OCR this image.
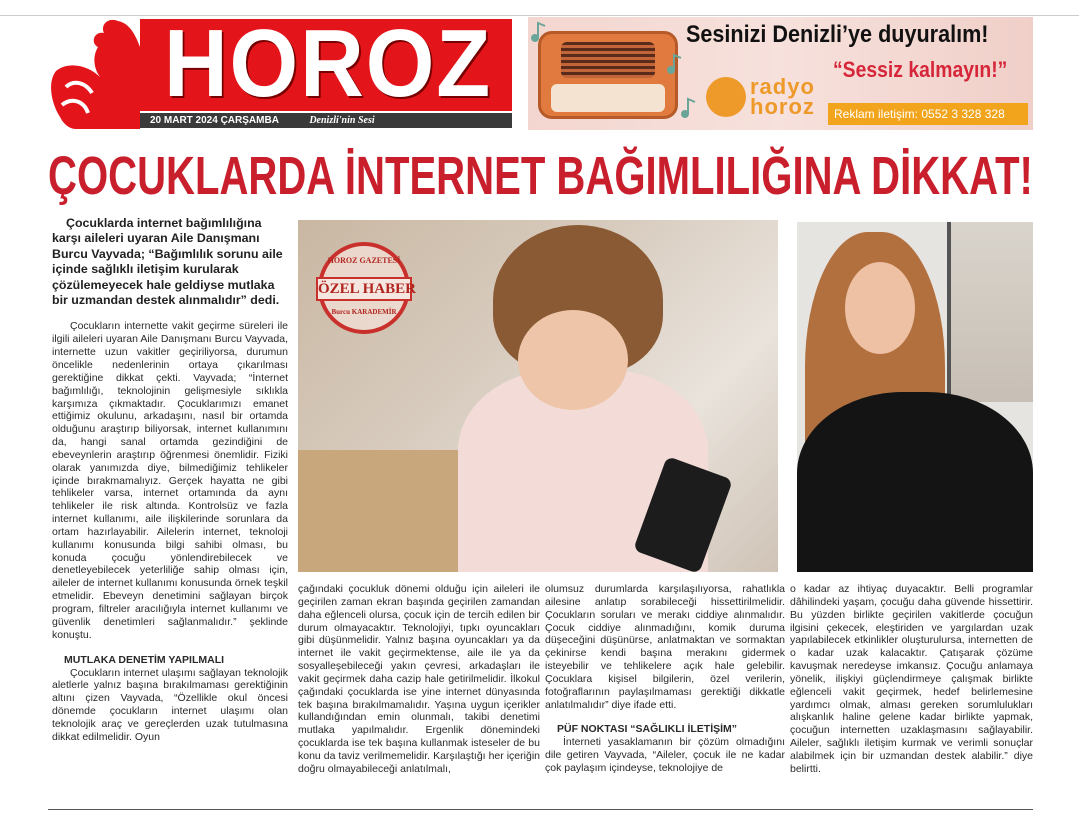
HOROZ
20 MART 2024 ÇARŞAMBA	Denizli'nin Sesi
Sesinizi Denizli’ye duyuralım!
“Sessiz kalmayın!”
radyo
horoz	Reklam iletişim: 0552 3 328 328
ÇOCUKLARDA İNTERNET BAĞIMLILIĞINA DİKKAT!

Çocuklarda internet bağımlılığına karşı aileleri uyaran Aile Danışmanı Burcu Vayvada; “Bağımlılık sorunu aile içinde sağlıklı iletişim kurularak çözülemeyecek hale geldiyse mutlaka bir uzmandan destek alınmalıdır” dedi.

Çocukların internette vakit geçirme süreleri ile ilgili aileleri uyaran Aile Danışmanı Burcu Vayvada, internette uzun vakitler geçiriliyorsa, durumun öncelikle nedenlerinin ortaya çıkarılması gerektiğine dikkat çekti. Vayvada; “İnternet bağımlılığı, teknolojinin gelişmesiyle sıklıkla karşımıza çıkmaktadır. Çocuklarımızı emanet ettiğimiz okulunu, arkadaşını, nasıl bir ortamda olduğunu araştırıp biliyorsak, internet kullanımını da, hangi sanal ortamda gezindiğini de ebeveynlerin araştırıp öğrenmesi önemlidir. Fiziki olarak yanımızda diye, bilmediğimiz tehlikeler içinde bırakmamalıyız. Gerçek hayatta ne gibi tehlikeler varsa, internet ortamında da aynı tehlikeler ile risk altında. Kontrolsüz ve fazla internet kullanımı, aile ilişkilerinde sorunlara da ortam hazırlayabilir. Ailelerin internet, teknoloji kullanımı konusunda bilgi sahibi olması, bu konuda çocuğu yönlendirebilecek ve denetleyebilecek yeterliliğe sahip olması için, aileler de internet kullanımı konusunda örnek teşkil etmelidir. Ebeveyn denetimini sağlayan birçok program, filtreler aracılığıyla internet kullanımı ve güvenlik denetimleri sağlanmalıdır.” şeklinde konuştu.

MUTLAKA DENETİM YAPILMALI

Çocukların internet ulaşımı sağlayan teknolojik aletlerle yalnız başına bırakılmaması gerektiğinin altını çizen Vayvada, “Özellikle okul öncesi dönemde çocukların internet ulaşımı olan teknolojik araç ve gereçlerden uzak tutulmasına dikkat edilmelidir. Oyun

HOROZ GAZETESİ
ÖZEL HABER
Burcu KARADEMİR

çağındaki çocukluk dönemi olduğu için aileleri ile geçirilen zaman ekran başında geçirilen zamandan daha eğlenceli olursa, çocuk için de tercih edilen bir durum olmayacaktır. Teknolojiyi, tıpkı oyuncakları gibi düşünmelidir. Yalnız başına oyuncakları ya da internet ile vakit geçirmektense, aile ile ya da sosyalleşebileceği yakın çevresi, arkadaşları ile vakit geçirmek daha cazip hale getirilmelidir. İlkokul çağındaki çocuklarda ise yine internet dünyasında tek başına bırakılmamalıdır. Yaşına uygun içerikler kullandığından emin olunmalı, takibi denetimi mutlaka yapılmalıdır. Ergenlik dönemindeki çocuklarda ise tek başına kullanmak isteseler de bu konu da taviz verilmemelidir. Karşılaştığı her içeriğin doğru olmayabileceği anlatılmalı,

olumsuz durumlarda karşılaşılıyorsa, rahatlıkla ailesine anlatıp sorabileceği hissettirilmelidir. Çocukların soruları ve merakı ciddiye alınmalıdır. Çocuk ciddiye alınmadığını, komik duruma düşeceğini düşünürse, anlatmaktan ve sormaktan çekinirse kendi başına merakını gidermek isteyebilir ve tehlikelere açık hale gelebilir. Çocuklara kişisel bilgilerin, özel verilerin, fotoğraflarının paylaşılmaması gerektiği dikkatle anlatılmalıdır” diye ifade etti.

PÜF NOKTASI “SAĞLIKLI İLETİŞİM”

İnterneti yasaklamanın bir çözüm olmadığını dile getiren Vayvada, “Aileler, çocuk ile ne kadar çok paylaşım içindeyse, teknolojiye de

o kadar az ihtiyaç duyacaktır. Belli programlar dâhilindeki yaşam, çocuğu daha güvende hissettirir. Bu yüzden birlikte geçirilen vakitlerde çocuğun ilgisini çekecek, eleştiriden ve yargılardan uzak yapılabilecek etkinlikler oluşturulursa, internetten de o kadar uzak kalacaktır. Çatışarak çözüme kavuşmak neredeyse imkansız. Çocuğu anlamaya yönelik, ilişkiyi güçlendirmeye çalışmak birlikte eğlenceli vakit geçirmek, hedef belirlemesine yardımcı olmak, alması gereken sorumlulukları alışkanlık haline gelene kadar birlikte yapmak, çocuğun internetten uzaklaşmasını sağlayabilir. Aileler, sağlıklı iletişim kurmak ve verimli sonuçlar alabilmek için bir uzmandan destek alabilir.” diye belirtti.
